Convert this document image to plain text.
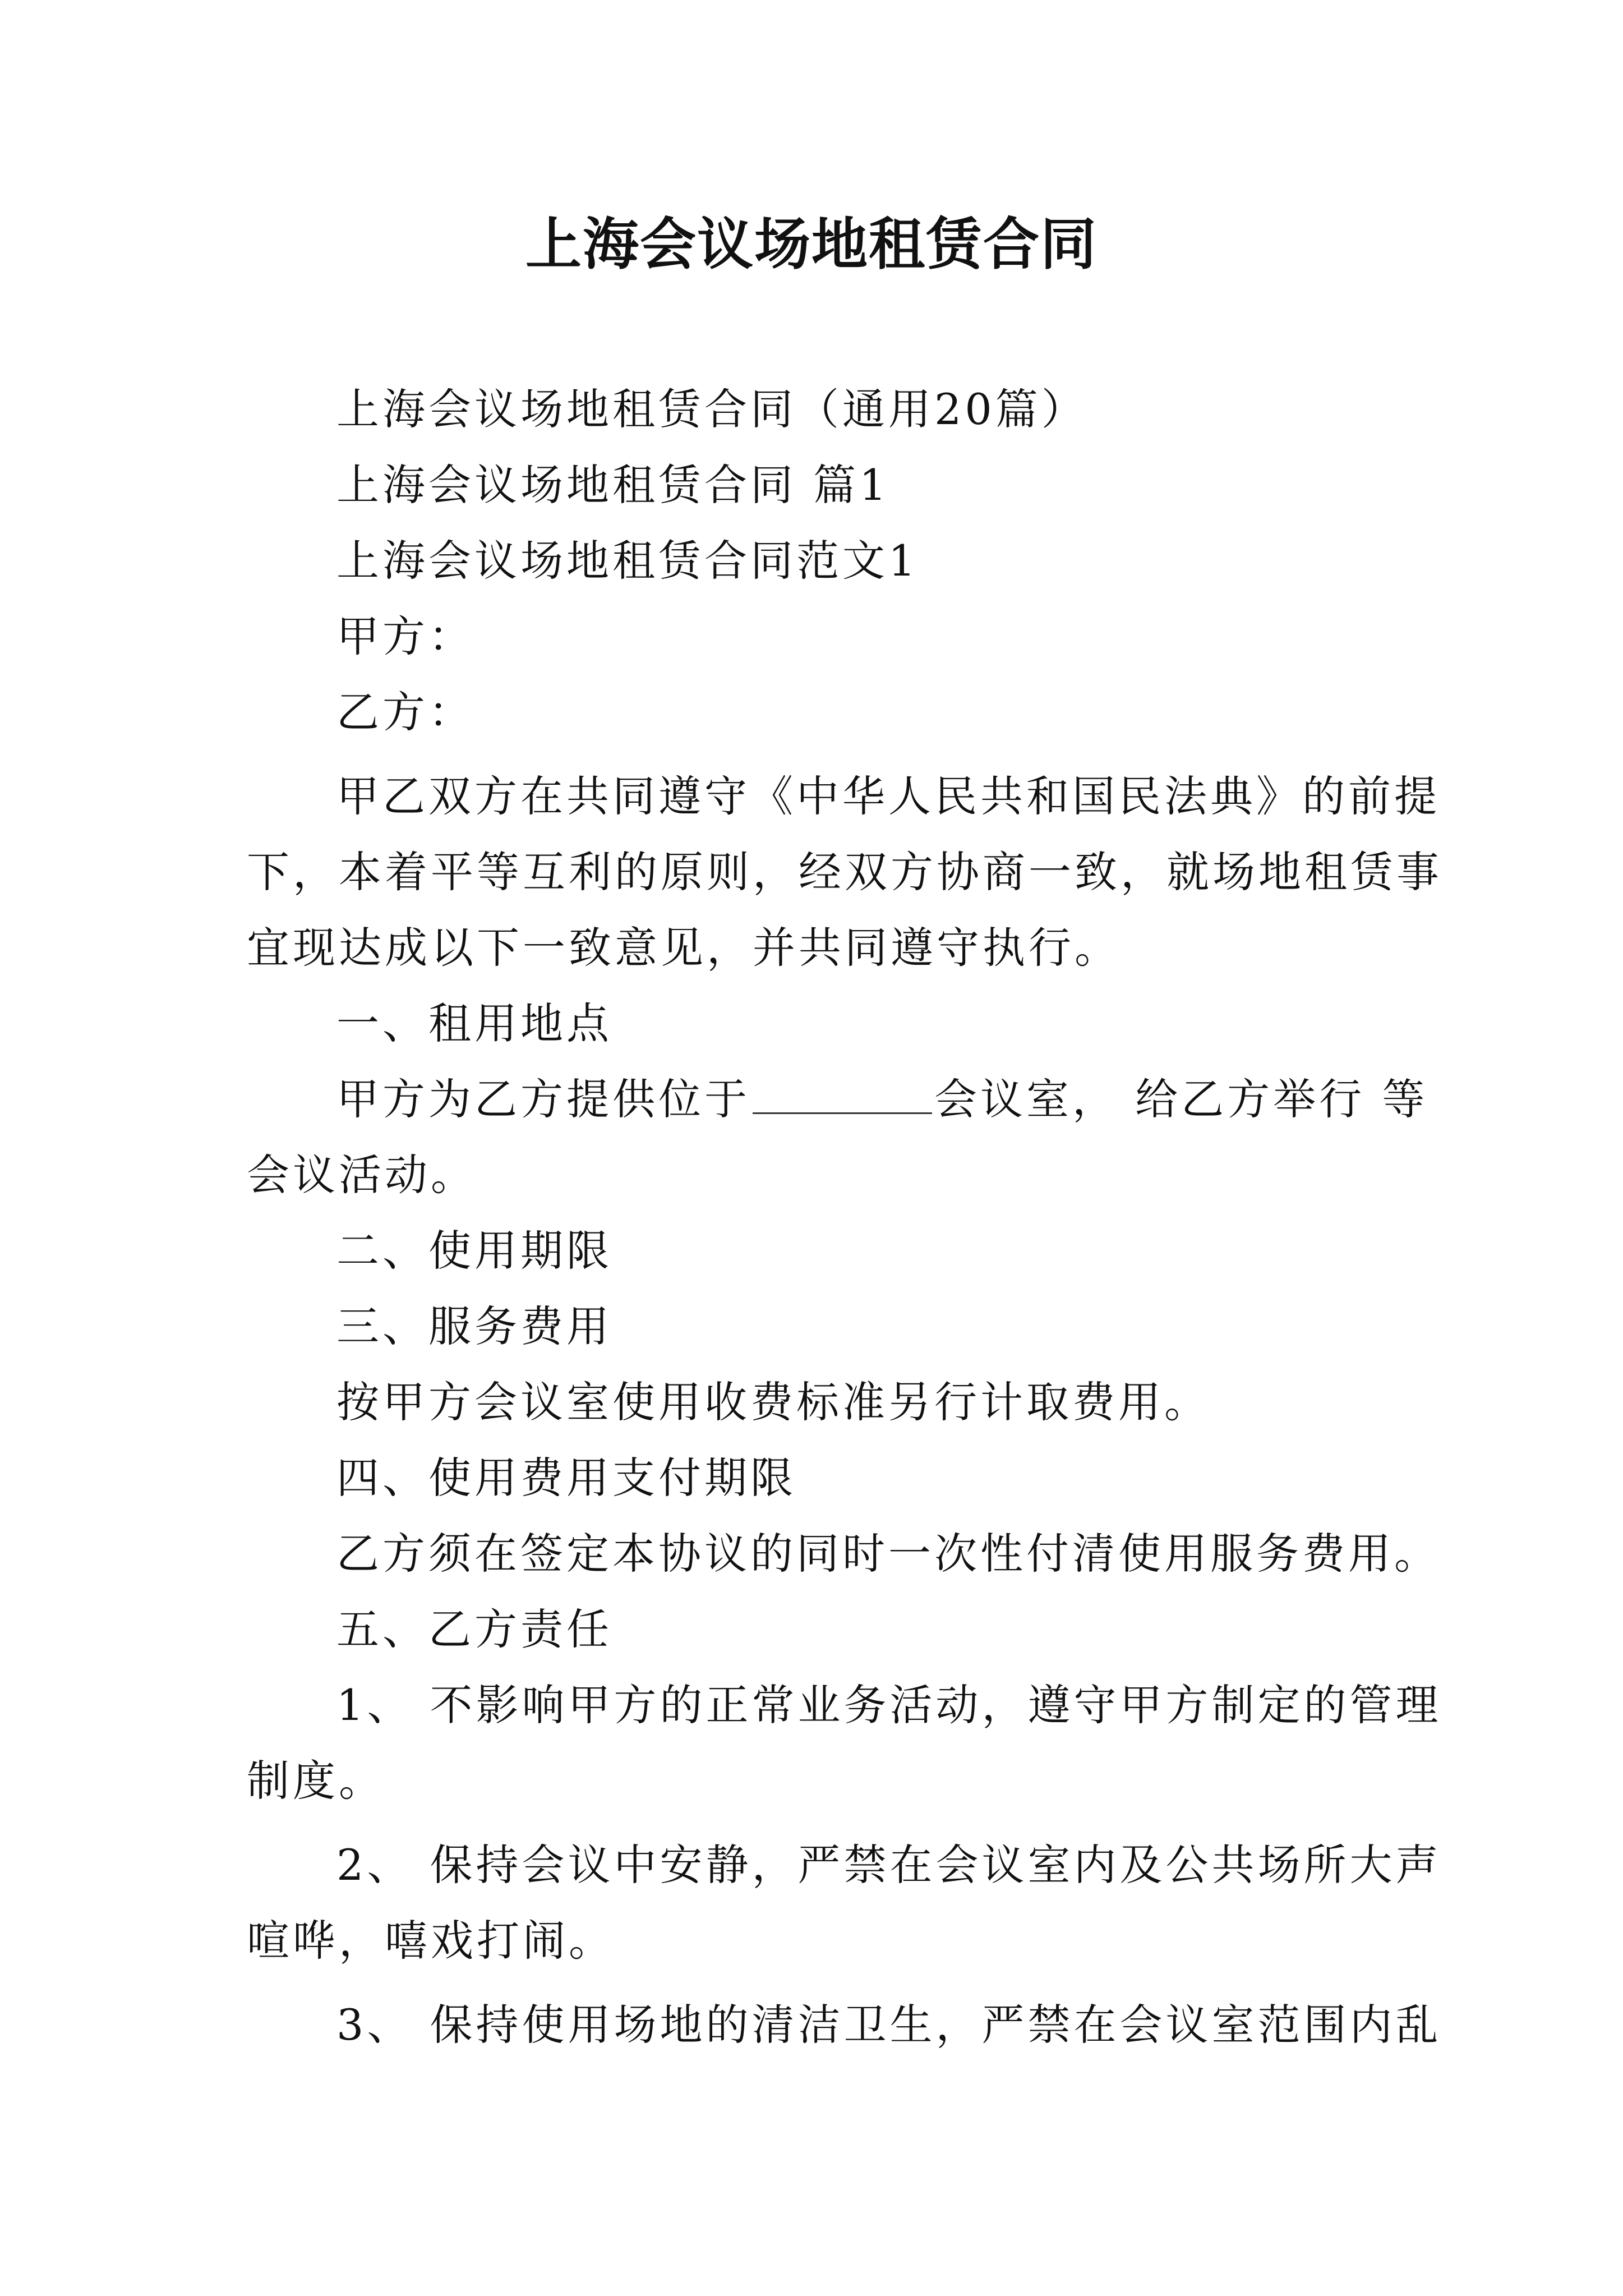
上海会议场地租赁合同
上海会议场地租赁合同（通用20篇）
上海会议场地租赁合同 篇1
上海会议场地租赁合同范文1
甲方：
乙方：
甲乙双方在共同遵守《中华人民共和国民法典》的前提
下，本着平等互利的原则，经双方协商一致，就场地租赁事
宜现达成以下一致意见，并共同遵守执行。
一、租用地点
甲方为乙方提供位于	会议室， 给乙方举行 等
会议活动。
二、使用期限
三、服务费用
按甲方会议室使用收费标准另行计取费用。
四、使用费用支付期限
乙方须在签定本协议的同时一次性付清使用服务费用。
五、乙方责任
1、 不影响甲方的正常业务活动，遵守甲方制定的管理
制度。
2、 保持会议中安静，严禁在会议室内及公共场所大声
喧哗，嘻戏打闹。
3、 保持使用场地的清洁卫生，严禁在会议室范围内乱
